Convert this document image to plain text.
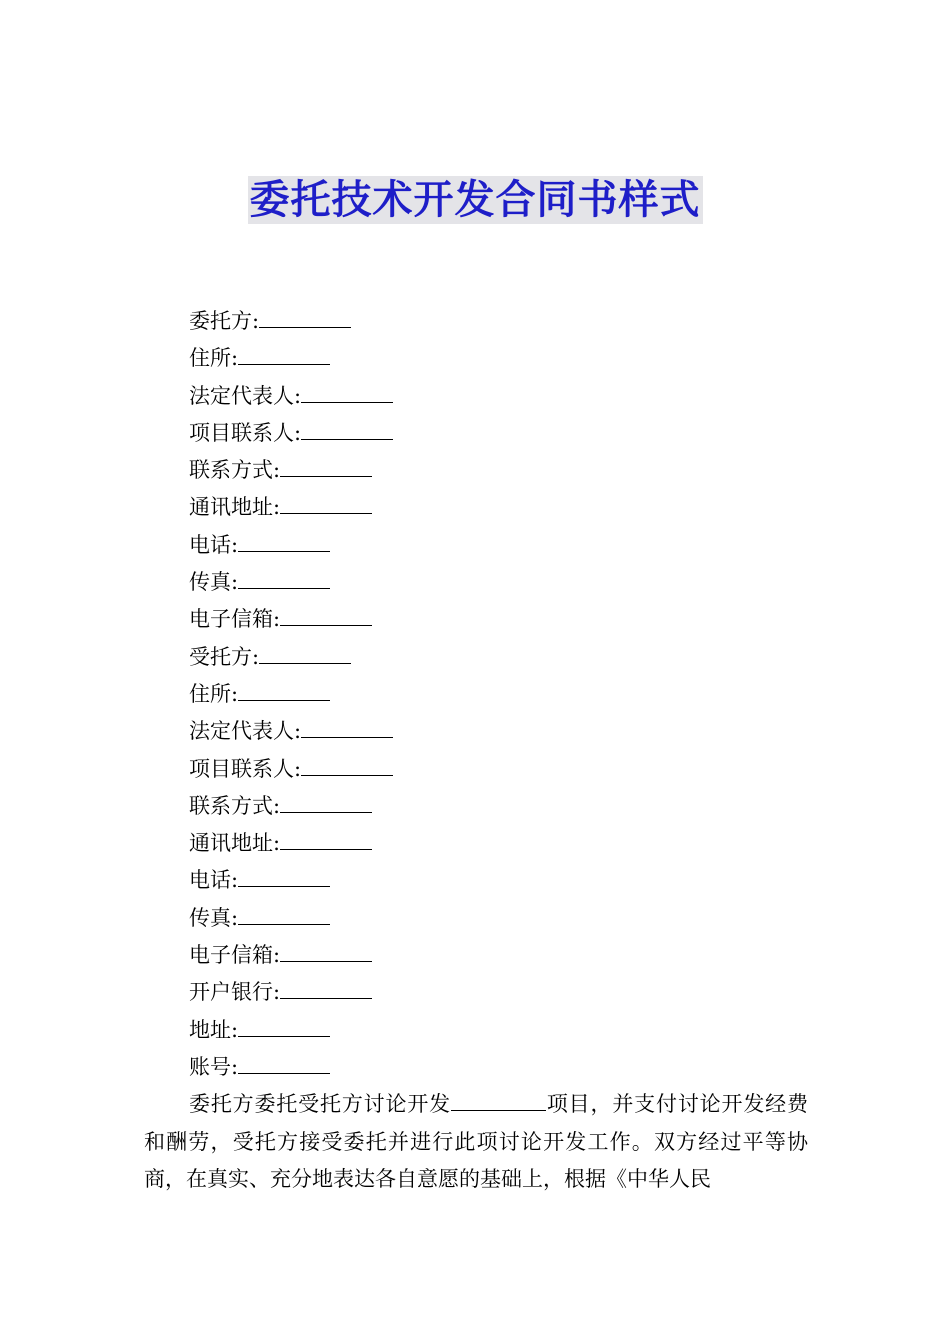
委托技术开发合同书样式
委托方:
住所:
法定代表人:
项目联系人:
联系方式:
通讯地址:
电话:
传真:
电子信箱:
受托方:
住所:
法定代表人:
项目联系人:
联系方式:
通讯地址:
电话:
传真:
电子信箱:
开户银行:
地址:
账号:

委托方委托受托方讨论开发	项目，并支付讨论开发经费和酬劳，受托方接受委托并进行此项讨论开发工作。双方经过平等协商，在真实、充分地表达各自意愿的基础上，根据《中华人民
